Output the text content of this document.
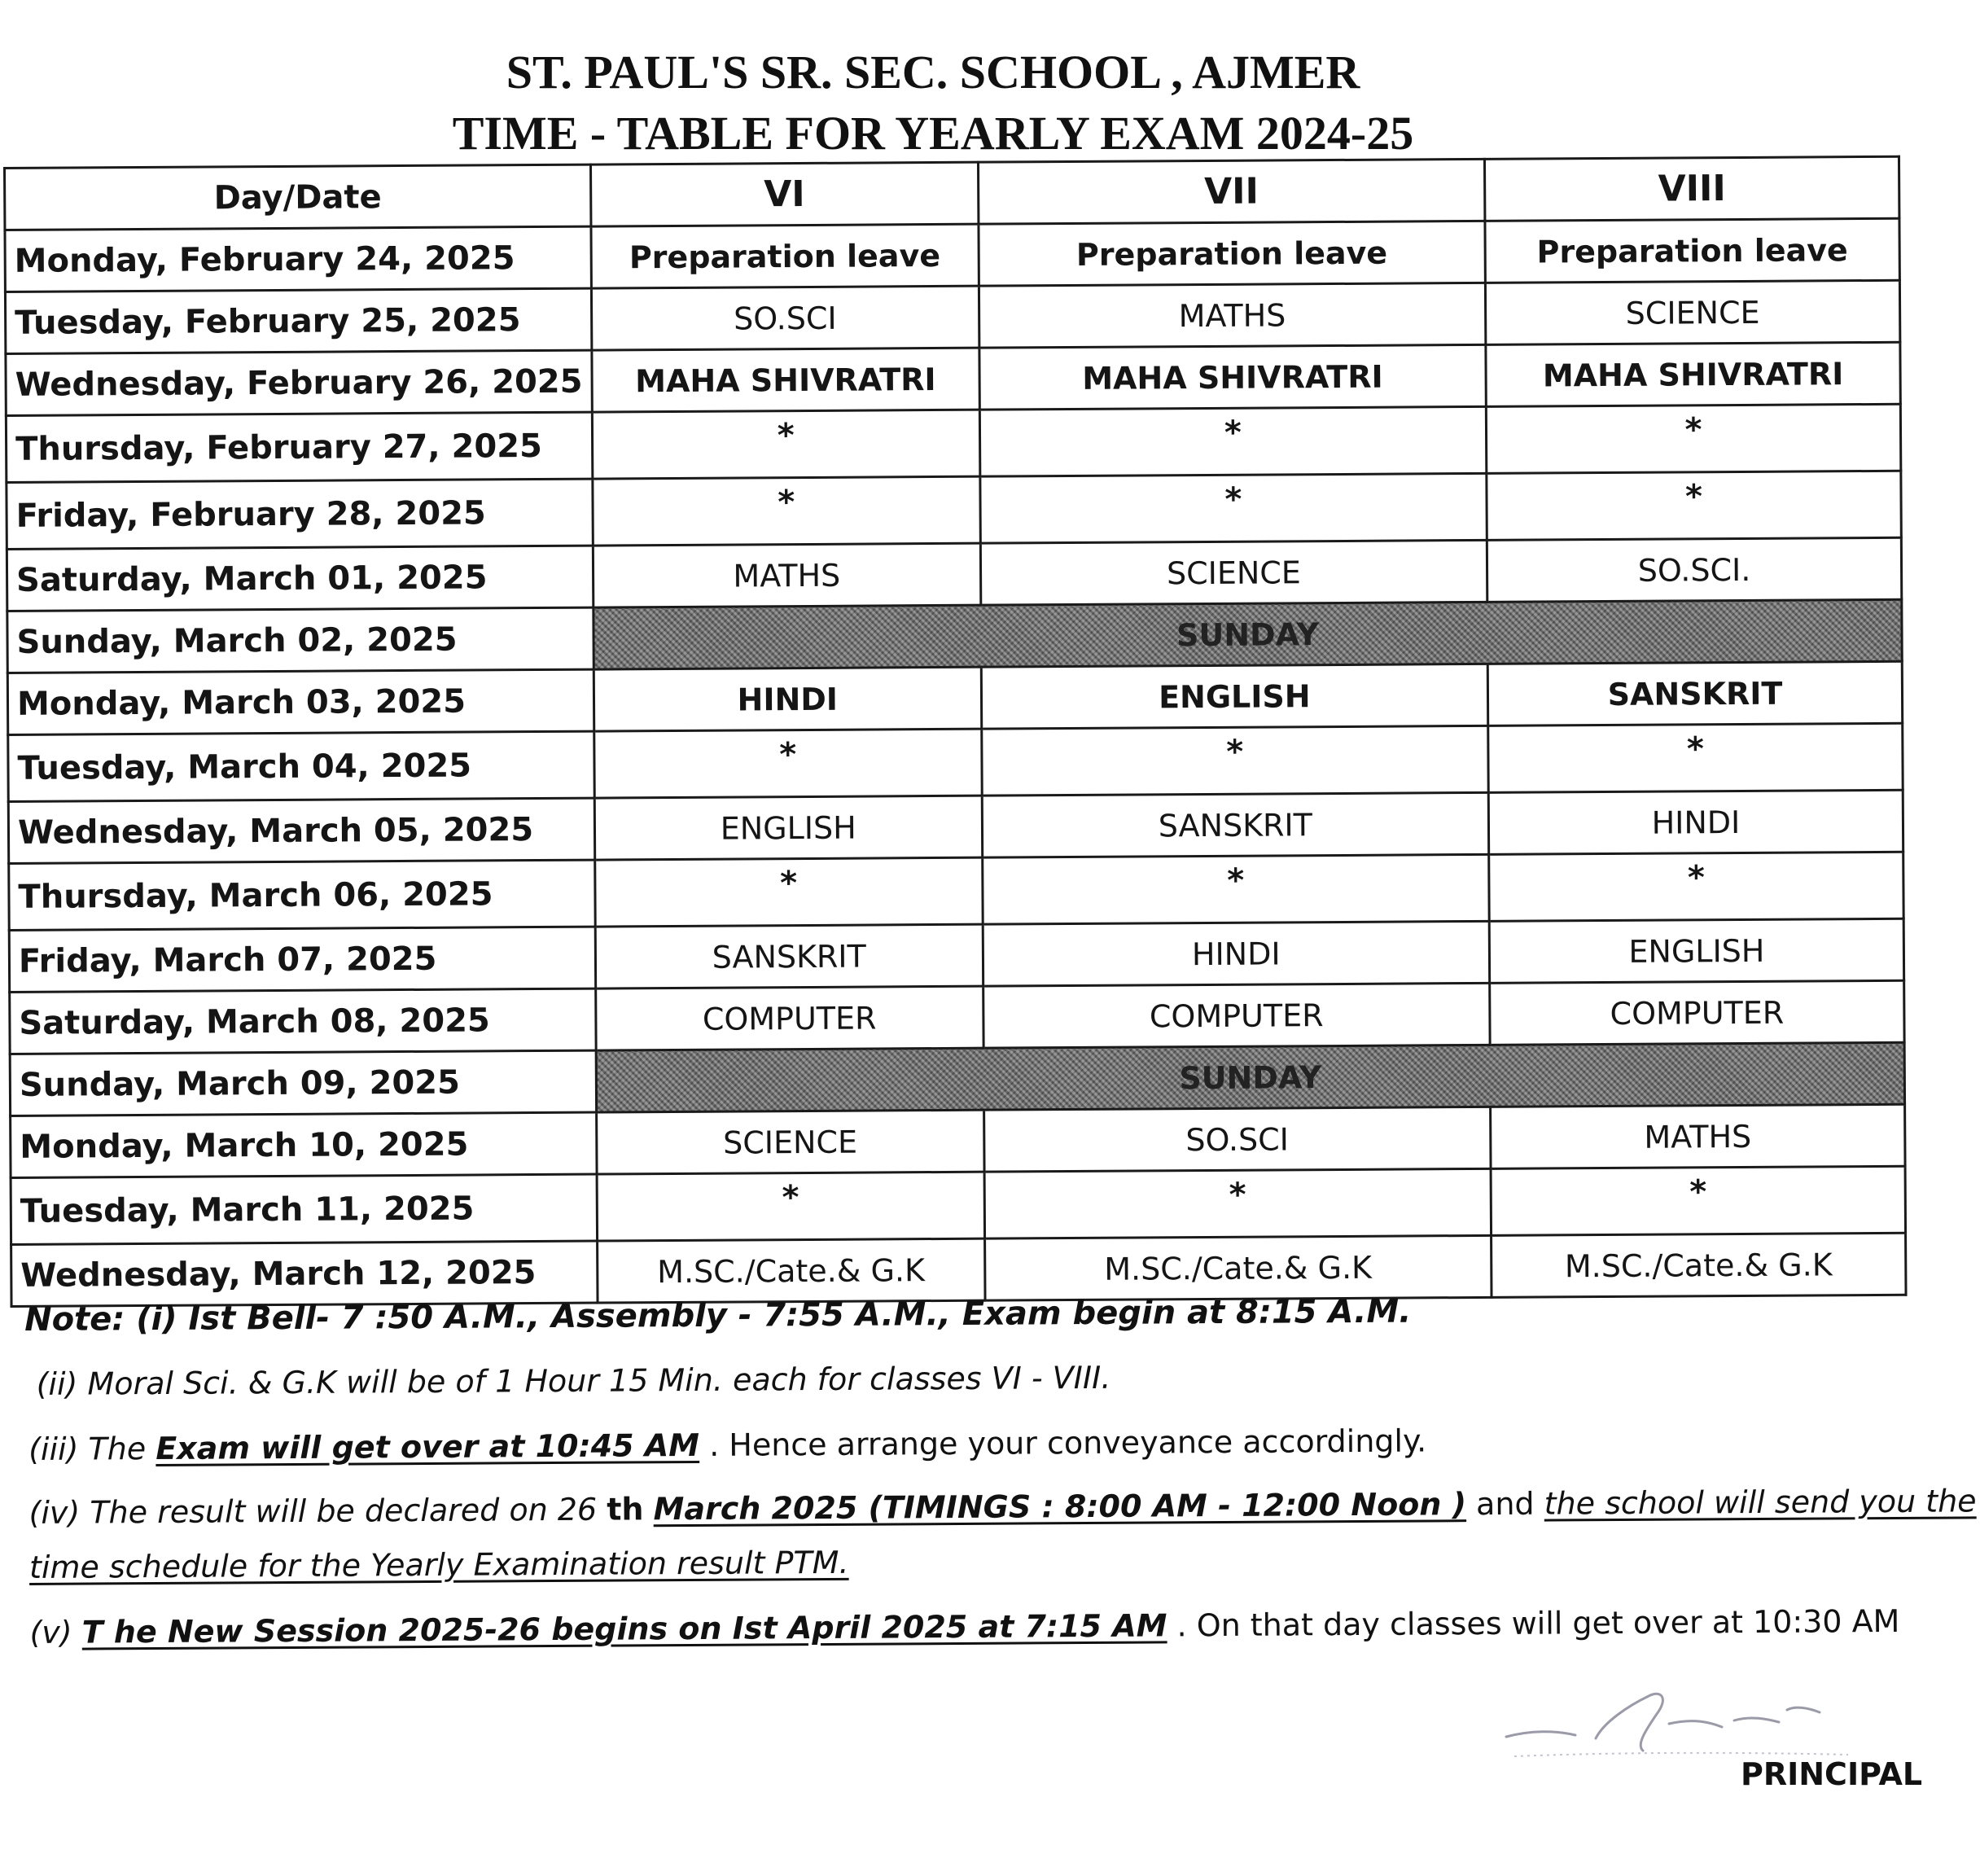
ST. PAUL'S SR. SEC. SCHOOL , AJMER
TIME - TABLE FOR YEARLY EXAM 2024-25
Day/Date	VI	VII	VIII
Monday, February 24, 2025	Preparation leave	Preparation leave	Preparation leave
Tuesday, February 25, 2025	SO.SCI	MATHS	SCIENCE
Wednesday, February 26, 2025	MAHA SHIVRATRI	MAHA SHIVRATRI	MAHA SHIVRATRI
Thursday, February 27, 2025	*	*	*
Friday, February 28, 2025	*	*	*
Saturday, March 01, 2025	MATHS	SCIENCE	SO.SCI.
Sunday, March 02, 2025	SUNDAY		
Monday, March 03, 2025	HINDI	ENGLISH	SANSKRIT
Tuesday, March 04, 2025	*	*	*
Wednesday, March 05, 2025	ENGLISH	SANSKRIT	HINDI
Thursday, March 06, 2025	*	*	*
Friday, March 07, 2025	SANSKRIT	HINDI	ENGLISH
Saturday, March 08, 2025	COMPUTER	COMPUTER	COMPUTER
Sunday, March 09, 2025	SUNDAY		
Monday, March 10, 2025	SCIENCE	SO.SCI	MATHS
Tuesday, March 11, 2025	*	*	*
Wednesday, March 12, 2025	M.SC./Cate.& G.K	M.SC./Cate.& G.K	M.SC./Cate.& G.K
Note: (i) Ist Bell- 7 :50 A.M., Assembly - 7:55 A.M., Exam begin at 8:15 A.M.
(ii) Moral Sci. & G.K will be of 1 Hour 15 Min. each for classes VI - VIII.
(iii) The Exam will get over at 10:45 AM . Hence arrange your conveyance accordingly.
(iv) The result will be declared on 26 th March 2025 (TIMINGS : 8:00 AM - 12:00 Noon ) and the school will send you the
time schedule for the Yearly Examination result PTM.
(v) T he New Session 2025-26 begins on Ist April 2025 at 7:15 AM . On that day classes will get over at 10:30 AM
PRINCIPAL
